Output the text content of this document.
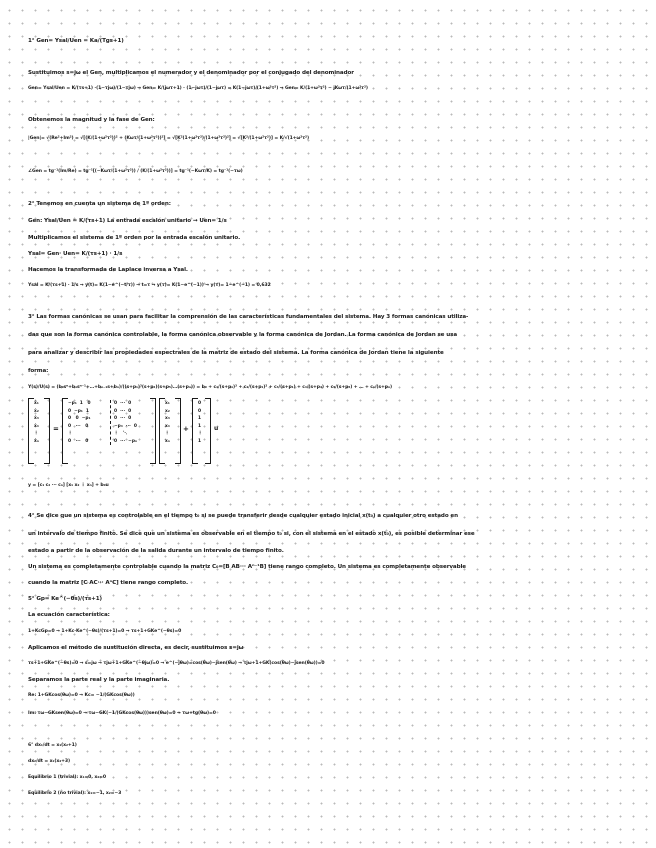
1° Gen= Ysal/Uen = Ka/(Tgs+1)
Sustituimos s=jω el Gen, multiplicamos el numerador y el denominador por el conjugado del denominador
Gen= Ysal/Uen = K/(τs+1) ·(1−τjω)/(1−τjω) → Gen= K/(jωτ+1) · (1−jωτ)/(1−jωτ) = K(1−jωτ)/(1+ω²τ²) → Gen= K/(1+ω²τ²) − jKωτ/(1+ω²τ²)
Obtenemos la magnitud y la fase de Gen:
|Gen|= √(Re²+Im²) = √[(K/(1+ω²τ²))² + (Kωτ/(1+ω²τ²))²] = √[K²(1+ω²τ²)/(1+ω²τ²)²] = √[K²/(1+ω²τ²)] = K/√(1+ω²τ²)
∠Gen = tg⁻¹(Im/Re) = tg⁻¹[(−Kωτ/(1+ω²τ²)) / (K/(1+ω²τ²))] = tg⁻¹(−Kωτ/K) = tg⁻¹(−τω)
2° Tenemos en cuenta un sistema de 1º orden:
Gen: Ysal/Uen = K/(τs+1) La entrada escalón unitario → Uen= 1/s
Multiplicamos el sistema de 1º orden por la entrada escalón unitario.
Ysal= Gen· Uen= K/(τs+1) · 1/s
Hacemos la transformada de Laplace inversa a Ysal.
Ysal = K/(τs+1) · 1/s → y(t)= K(1−e^(−t/τ)) → t=τ → y(τ)= K(1−e^(−1)) → y(τ)= 1−e^(−1) = 0,632
3° Las formas canónicas se usan para facilitar la comprensión de las características fundamentales del sistema. Hay 3 formas canónicas utiliza-
das que son la forma canónica controlable, la forma canónica observable y la forma canónica de Jordan. La forma canónica de Jordan se usa
para analizar y describir las propiedades espectrales de la matriz de estado del sistema. La forma canónica de Jordan tiene la siguiente
forma:
Y(s)/U(s) = (b₀sⁿ+b₁sⁿ⁻¹+…+bₙ₋₁s+bₙ)/((s+p₁)³(s+p₄)(s+p₅)…(s+pₙ)) = b₀ + c₁/(s+p₁)³ + c₂/(s+p₁)² + c₃/(s+p₁) + c₄/(s+p₄) + c₅/(s+p₅) + … + cₙ/(s+pₙ)
ẋ₁
ẋ₂
ẋ₃
ẋ₄
⋮
ẋₙ
=
−p₁  1   0
0  −p₁  1
0   0  −p₁
0   ···   0
⋮
0   ···   0
0  ···  0
0  ···  0
0  ···  0
−p₄  ···  0
⋮   ⋱
0  ···  −pₙ
x₁
x₂
x₃
x₄
⋮
xₙ
+
0
0
1
1
⋮
1
u
y = [c₁ c₂ ··· cₙ] [x₁ x₂ ⋮ xₙ] + b₀u
4° Se dice que un sistema es controlable en el tiempo t₀ si se puede transferir desde cualquier estado inicial x(t₀) a cualquier otro estado en
un intervalo de tiempo finito. Se dice que un sistema es observable en el tiempo t₀ si, con el sistema en el estado x(t₀), es posible determinar ese
estado a partir de la observación de la salida durante un intervalo de tiempo finito.
Un sistema es completamente controlable cuando la matriz C₀=[B AB··· Aⁿ⁻¹B] tiene rango completo. Un sistema es completamente observable
cuando la matriz [C AC··· AⁿC] tiene rango completo.
5° Gp= Ke^(−θs)/(τs+1)
La ecuación característica:
1+KcGp=0 → 1+Kc·Ke^(−θs)/(τs+1)=0 → τs+1+GKe^(−θs)=0
Aplicamos el método de sustitución directa, es decir, sustituimos s=jω
τs+1+GKe^(−θs)=0 → s=jω → τjω+1+GKe^(−θjω)=0 → e^(−jθω)=cos(θω)−jsen(θω) → τjω+1+GK(cos(θω)−jsen(θω))=0
Separamos la parte real y la parte imaginaria.
Re: 1+GKcos(θω)=0 → Kc= −1/(GKcos(θω))
Im: τω−GKsen(θω)=0 → τω−GK(−1/(GKcos(θω)))sen(θω)=0 → τω+tg(θω)=0
6° dx₁/dt = x₁(x₂+1)
dx₂/dt = x₁(x₂+3)
Equilibrio 1 (trivial): x₁=0, x₂=0
Equilibrio 2 (no trivial): x₁=−1, x₂=−3
